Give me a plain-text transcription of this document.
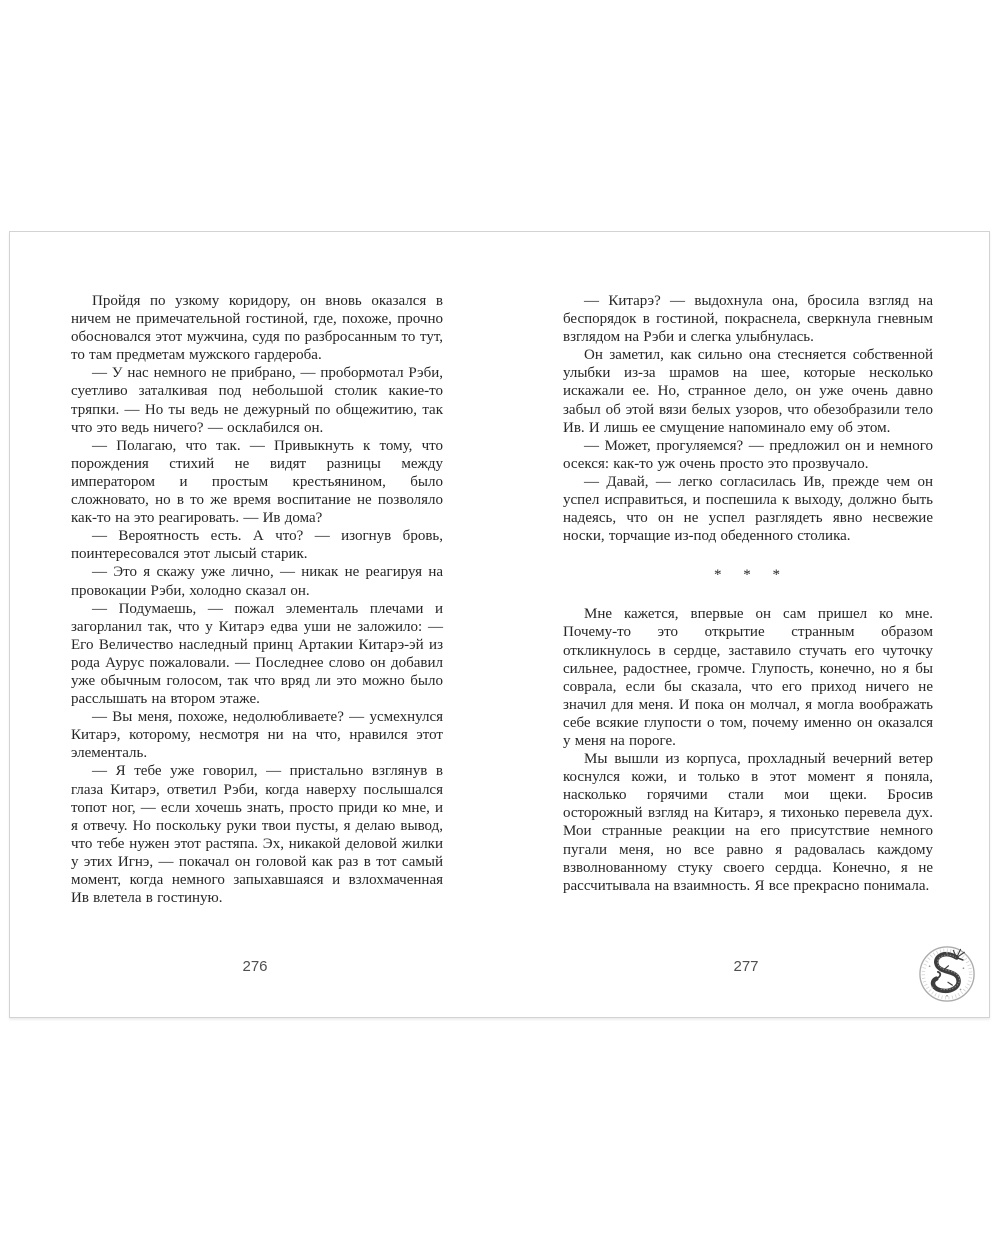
Пройдя по узкому коридору, он вновь оказался в ничем не примечательной гостиной, где, похоже, прочно обосновался этот мужчина, судя по разбросанным то тут, то там предметам мужского гардероба.

— У нас немного не прибрано, — пробормотал Рэби, суетливо заталкивая под небольшой столик какие-то тряпки. — Но ты ведь не дежурный по общежитию, так что это ведь ничего? — осклабился он.

— Полагаю, что так. — Привыкнуть к тому, что порождения стихий не видят разницы между императором и простым крестьянином, было сложновато, но в то же время воспитание не позволяло как-то на это реагировать. — Ив дома?

— Вероятность есть. А что? — изогнув бровь, поинтересовался этот лысый старик.

— Это я скажу уже лично, — никак не реагируя на провокации Рэби, холодно сказал он.

— Подумаешь, — пожал элементаль плечами и загорланил так, что у Китарэ едва уши не заложило: — Его Величество наследный принц Артакии Китарэ-эй из рода Аурус пожаловали. — Последнее слово он добавил уже обычным голосом, так что вряд ли это можно было расслышать на втором этаже.

— Вы меня, похоже, недолюбливаете? — усмехнулся Китарэ, которому, несмотря ни на что, нравился этот элементаль.

— Я тебе уже говорил, — пристально взглянув в глаза Китарэ, ответил Рэби, когда наверху послышался топот ног, — если хочешь знать, просто приди ко мне, и я отвечу. Но поскольку руки твои пусты, я делаю вывод, что тебе нужен этот растяпа. Эх, никакой деловой жилки у этих Игнэ, — покачал он головой как раз в тот самый момент, когда немного запыхавшаяся и взлохмаченная Ив влетела в гостиную.

— Китарэ? — выдохнула она, бросила взгляд на беспорядок в гостиной, покраснела, сверкнула гневным взглядом на Рэби и слегка улыбнулась.

Он заметил, как сильно она стесняется собственной улыбки из-за шрамов на шее, которые несколько искажали ее. Но, странное дело, он уже очень давно забыл об этой вязи белых узоров, что обезобразили тело Ив. И лишь ее смущение напоминало ему об этом.

— Может, прогуляемся? — предложил он и немного осекся: как-то уж очень просто это прозвучало.

— Давай, — легко согласилась Ив, прежде чем он успел исправиться, и поспешила к выходу, должно быть надеясь, что он не успел разглядеть явно несвежие носки, торчащие из-под обеденного столика.

* * *

Мне кажется, впервые он сам пришел ко мне. Почему-то это открытие странным образом откликнулось в сердце, заставило стучать его чуточку сильнее, радостнее, громче. Глупость, конечно, но я бы соврала, если бы сказала, что его приход ничего не значил для меня. И пока он молчал, я могла воображать себе всякие глупости о том, почему именно он оказался у меня на пороге.

Мы вышли из корпуса, прохладный вечерний ветер коснулся кожи, и только в этот момент я поняла, насколько горячими стали мои щеки. Бросив осторожный взгляд на Китарэ, я тихонько перевела дух. Мои странные реакции на его присутствие немного пугали меня, но все равно я радовалась каждому взволнованному стуку своего сердца. Конечно, я не рассчитывала на взаимность. Я все прекрасно понимала.

276	277
